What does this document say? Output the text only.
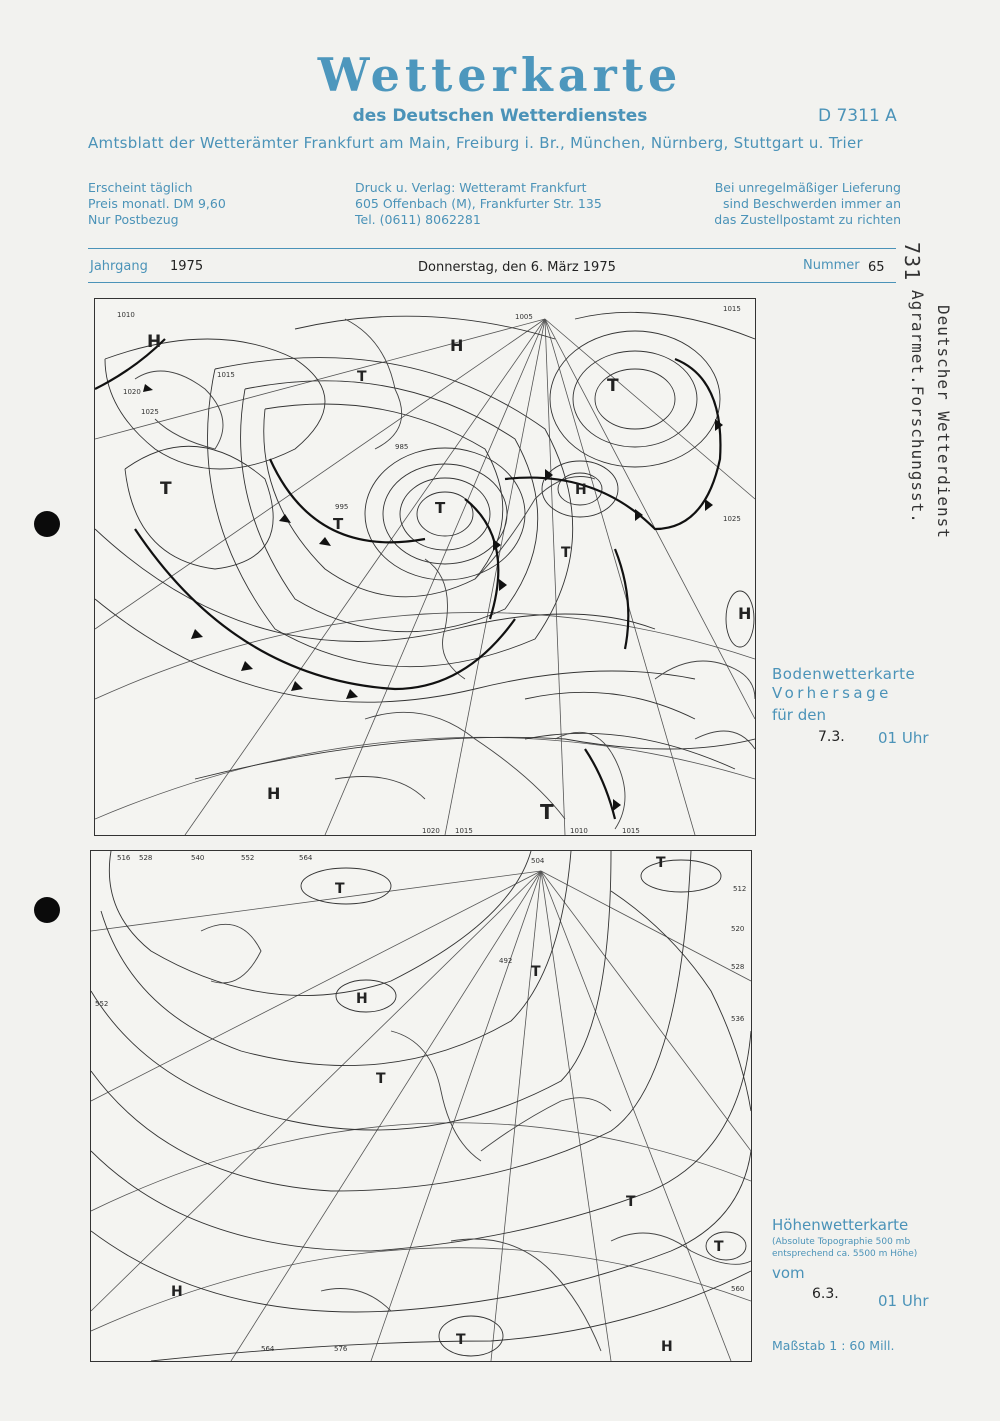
Wetterkarte
des Deutschen Wetterdienstes	D 7311 A
Amtsblatt der Wetterämter Frankfurt am Main, Freiburg i. Br., München, Nürnberg, Stuttgart u. Trier
Erscheint täglich
Preis monatl. DM 9,60
Nur Postbezug
Druck u. Verlag: Wetteramt Frankfurt
605 Offenbach (M), Frankfurter Str. 135
Tel. (0611) 8062281
Bei unregelmäßiger Lieferung
sind Beschwerden immer an
das Zustellpostamt zu richten
Jahrgang 1975	Donnerstag, den 6. März 1975	Nummer 65 731
Agrarmet.Forschungsst. Deutscher Wetterdienst
H
T
H
T
T
T
H
T
H
H
T
T
1010
1015
1020
1025
995
985
1005
1015
1025
1020 1015	1010	1015
Bodenwetterkarte
Vorhersage
für den
7.3. 01 Uhr
T
T
H
T
T
T
H
T
T
H
516 528	540	552	564	504
492
512
520
528
536
552
564	576
560
Höhenwetterkarte
(Absolute Topographie 500 mb
entsprechend ca. 5500 m Höhe)
vom
6.3.	01 Uhr
Maßstab 1 : 60 Mill.
